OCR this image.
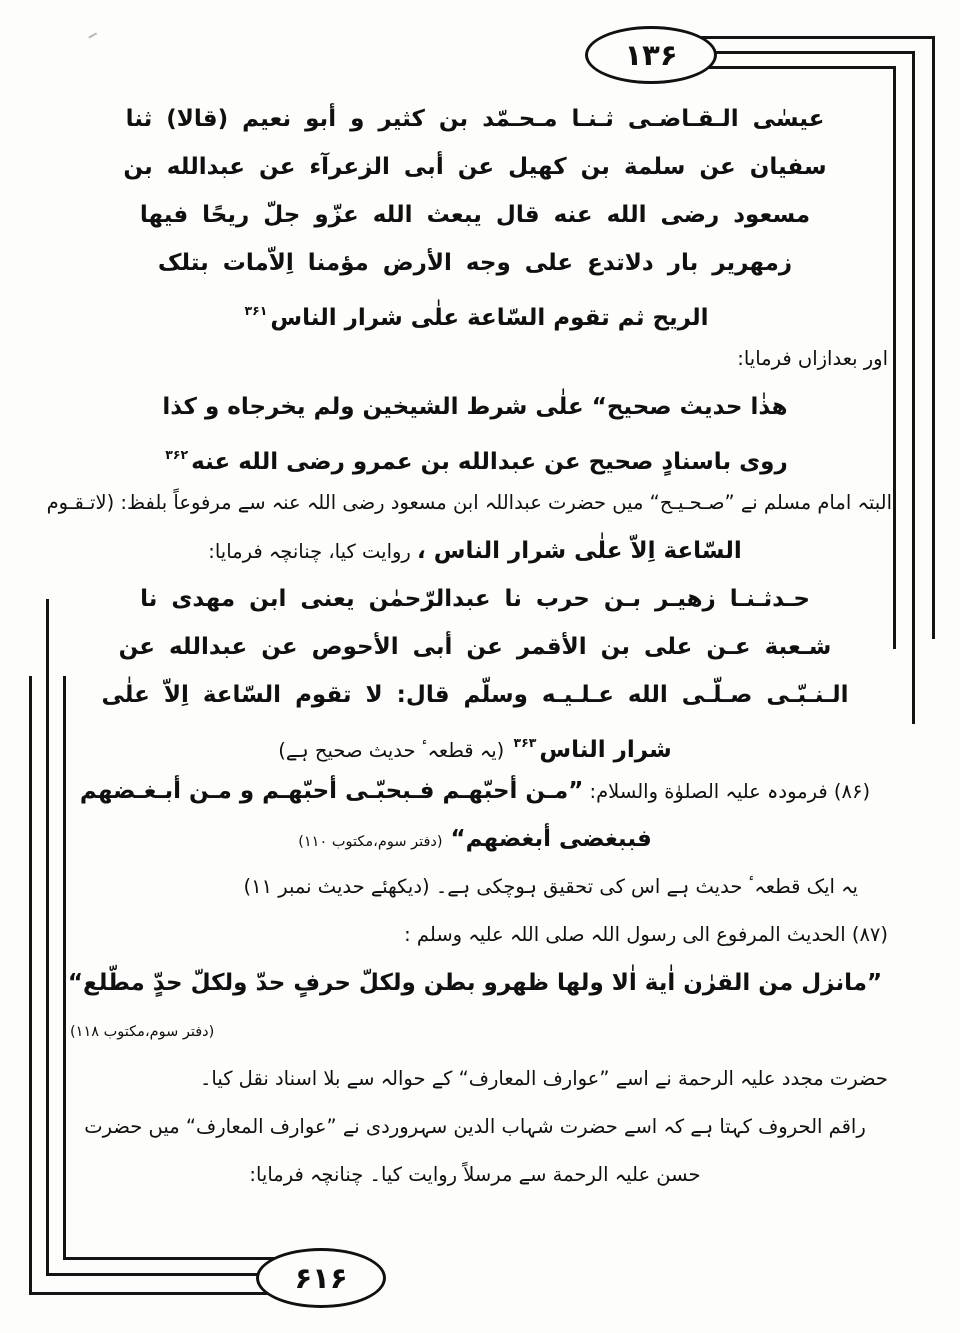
۱۳۶
۶۱۶
عيسٰى الـقـاضـى ثـنـا مـحـمّد بن كثير و أبو نعيم (قالا) ثنا
سفيان عن سلمة بن كهيل عن أبى الزعرآء عن عبدالله بن
مسعود رضى الله عنه قال يبعث الله عزّو جلّ ريحًا فيها
زمهرير بار دلاتدع على وجه الأرض مؤمنا اِلاّمات بتلک
الريح ثم تقوم السّاعة علٰى شرار الناس$^{۳۶۱}$
اور بعدازاں فرمایا:
هذٰا حديث صحيح“ علٰى شرط الشيخين ولم يخرجاه و كذا
روى باسنادٍ صحيح عن عبدالله بن عمرو رضى الله عنه$^{۳۶۲}$
البتہ امام مسلم نے ”صـحـیـح“ میں حضرت عبداللہ ابن مسعود رضی اللہ عنہ سے مرفوعاً بلفظ: (لاتـقـوم
السّاعة اِلاّ علٰى شرار الناس ، روایت کیا، چنانچہ فرمایا:
حـدثـنـا زهيـر بـن حرب نا عبدالرّحمٰن يعنى ابن مهدى نا
شـعبة عـن على بن الأقمر عن أبى الأحوص عن عبدالله عن
الـنـبّـى صـلّـى الله عـلـيـه وسلّم قال: لا تقوم السّاعة اِلاّ علٰى
شرار الناس$^{۳۶۳}$ (یہ قطعہٴ حدیث صحیح ہے)
(۸۶) فرمودہ علیہ الصلوٰة والسلام: ”مـن أحبّهـم فـبحبّـى أحبّهـم و مـن أبـغـضهم
فببغضى أبغضهم“ (دفتر سوم،مکتوب ۱۱۰)
یہ ایک قطعہٴ حدیث ہے اس کی تحقیق ہوچکی ہے۔ (دیکھئے حدیث نمبر ۱۱)
(۸۷) الحدیث المرفوع الی رسول اللہ صلی اللہ علیہ وسلم :
”مانزل من القرٰن اٰية اٰلا ولها ظهرو بطن ولكلّ حرفٍ حدّ ولكلّ حدٍّ مطّلع“
(دفتر سوم،مکتوب ۱۱۸)
حضرت مجدد علیہ الرحمة نے اسے ”عوارف المعارف“ کے حوالہ سے بلا اسناد نقل کیا۔
راقم الحروف کہتا ہے کہ اسے حضرت شہاب الدین سہروردی نے ”عوارف المعارف“ میں حضرت
حسن علیہ الرحمة سے مرسلاً روایت کیا۔ چنانچہ فرمایا:
